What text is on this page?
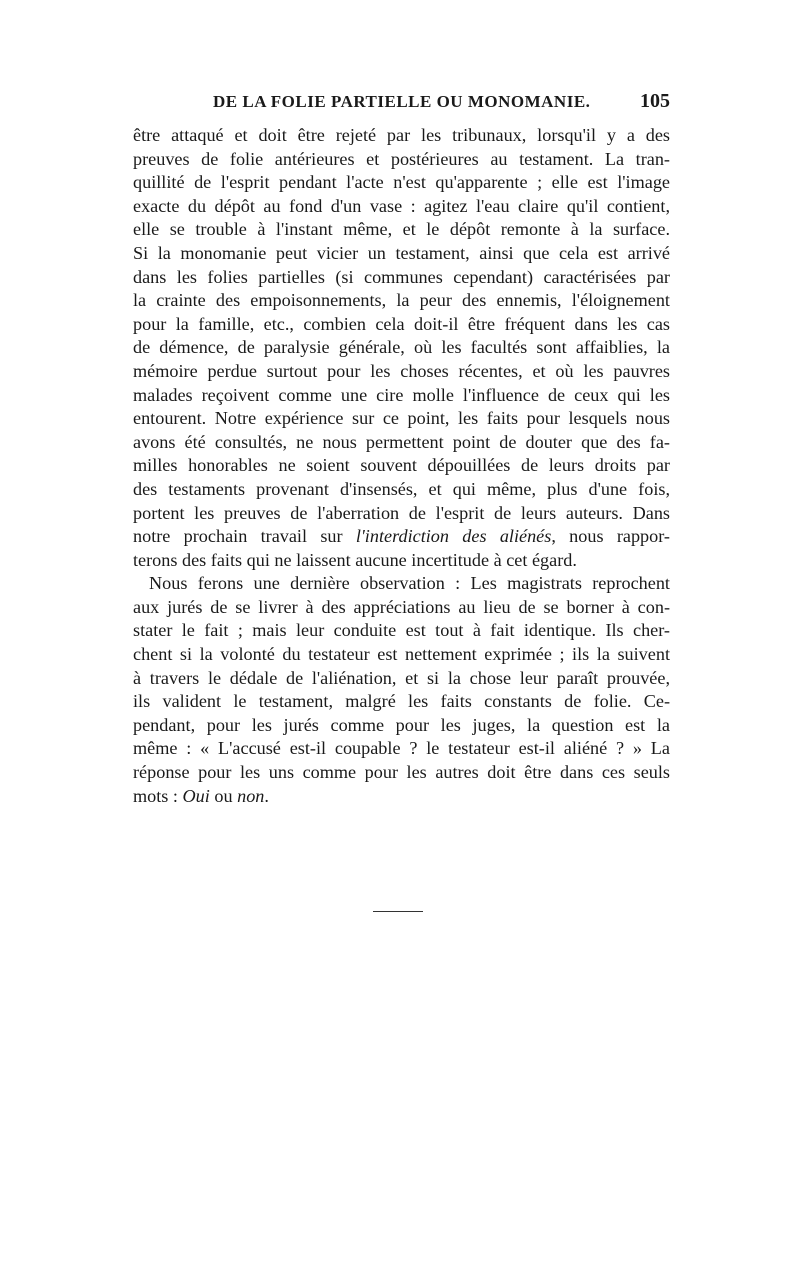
DE LA FOLIE PARTIELLE OU MONOMANIE. 105
être attaqué et doit être rejeté par les tribunaux, lorsqu'il y a des
preuves de folie antérieures et postérieures au testament. La tran-
quillité de l'esprit pendant l'acte n'est qu'apparente ; elle est l'image
exacte du dépôt au fond d'un vase : agitez l'eau claire qu'il contient,
elle se trouble à l'instant même, et le dépôt remonte à la surface.
Si la monomanie peut vicier un testament, ainsi que cela est arrivé
dans les folies partielles (si communes cependant) caractérisées par
la crainte des empoisonnements, la peur des ennemis, l'éloignement
pour la famille, etc., combien cela doit-il être fréquent dans les cas
de démence, de paralysie générale, où les facultés sont affaiblies, la
mémoire perdue surtout pour les choses récentes, et où les pauvres
malades reçoivent comme une cire molle l'influence de ceux qui les
entourent. Notre expérience sur ce point, les faits pour lesquels nous
avons été consultés, ne nous permettent point de douter que des fa-
milles honorables ne soient souvent dépouillées de leurs droits par
des testaments provenant d'insensés, et qui même, plus d'une fois,
portent les preuves de l'aberration de l'esprit de leurs auteurs. Dans
notre prochain travail sur l'interdiction des aliénés, nous rappor-
terons des faits qui ne laissent aucune incertitude à cet égard.
Nous ferons une dernière observation : Les magistrats reprochent
aux jurés de se livrer à des appréciations au lieu de se borner à con-
stater le fait ; mais leur conduite est tout à fait identique. Ils cher-
chent si la volonté du testateur est nettement exprimée ; ils la suivent
à travers le dédale de l'aliénation, et si la chose leur paraît prouvée,
ils valident le testament, malgré les faits constants de folie. Ce-
pendant, pour les jurés comme pour les juges, la question est la
même : « L'accusé est-il coupable ? le testateur est-il aliéné ? » La
réponse pour les uns comme pour les autres doit être dans ces seuls
mots : Oui ou non.
